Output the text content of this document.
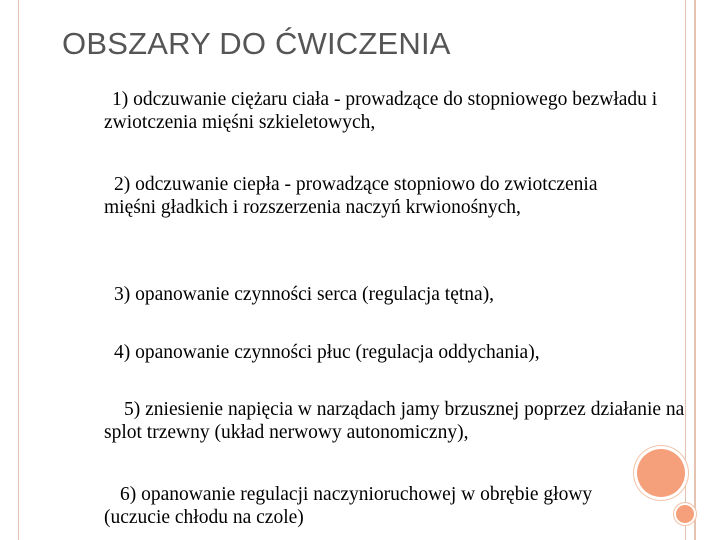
OBSZARY DO ĆWICZENIA
1) odczuwanie ciężaru ciała - prowadzące do stopniowego bezwładu i zwiotczenia mięśni szkieletowych,
2) odczuwanie ciepła - prowadzące stopniowo do zwiotczenia mięśni gładkich i rozszerzenia naczyń krwionośnych,
3) opanowanie czynności serca (regulacja tętna),
4) opanowanie czynności płuc (regulacja oddychania),
5) zniesienie napięcia w narządach jamy brzusznej poprzez działanie na splot trzewny (układ nerwowy autonomiczny),
6) opanowanie regulacji naczynioruchowej w obrębie głowy (uczucie chłodu na czole)
